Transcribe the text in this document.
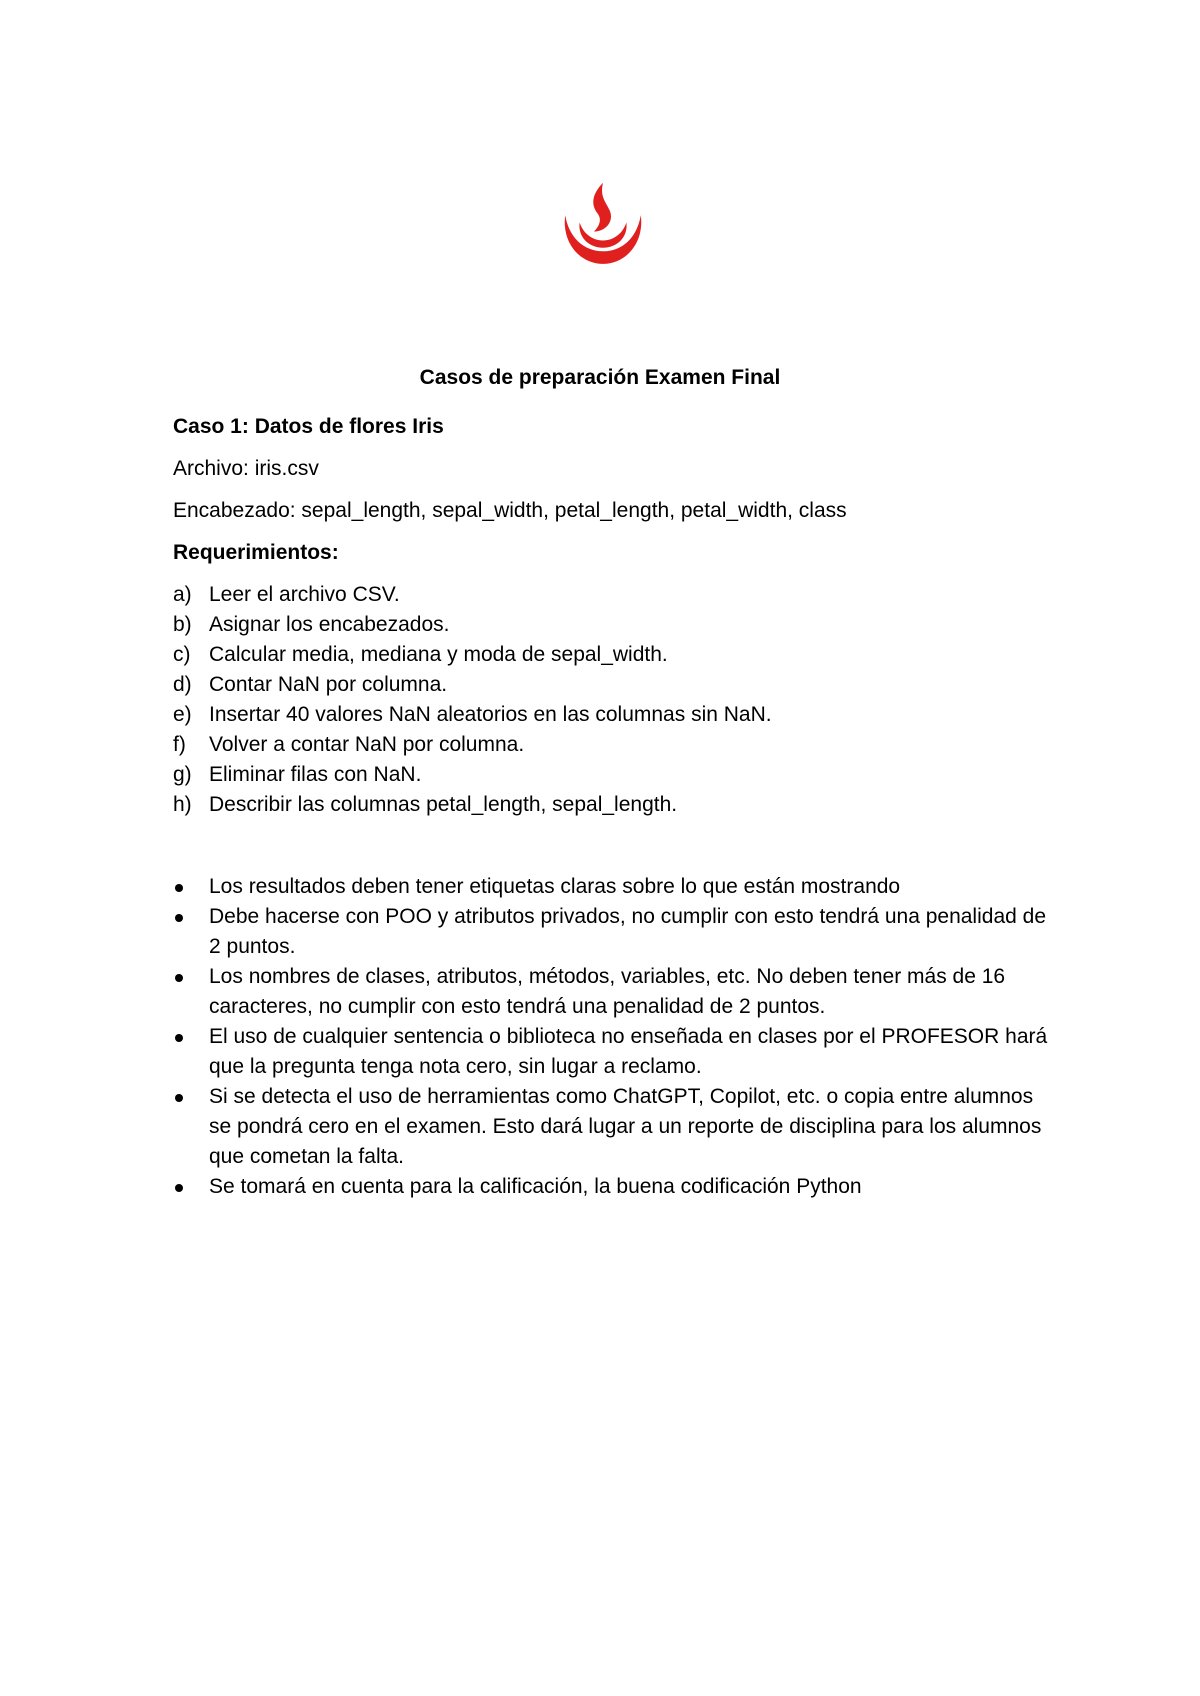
Casos de preparación Examen Final
Caso 1: Datos de flores Iris
Archivo: iris.csv
Encabezado: sepal_length, sepal_width, petal_length, petal_width, class
Requerimientos:
a) Leer el archivo CSV.
b) Asignar los encabezados.
c) Calcular media, mediana y moda de sepal_width.
d) Contar NaN por columna.
e) Insertar 40 valores NaN aleatorios en las columnas sin NaN.
f) Volver a contar NaN por columna.
g) Eliminar filas con NaN.
h) Describir las columnas petal_length, sepal_length.
Los resultados deben tener etiquetas claras sobre lo que están mostrando
Debe hacerse con POO y atributos privados, no cumplir con esto tendrá una penalidad de 2 puntos.
Los nombres de clases, atributos, métodos, variables, etc. No deben tener más de 16 caracteres, no cumplir con esto tendrá una penalidad de 2 puntos.
El uso de cualquier sentencia o biblioteca no enseñada en clases por el PROFESOR hará que la pregunta tenga nota cero, sin lugar a reclamo.
Si se detecta el uso de herramientas como ChatGPT, Copilot, etc. o copia entre alumnos se pondrá cero en el examen. Esto dará lugar a un reporte de disciplina para los alumnos que cometan la falta.
Se tomará en cuenta para la calificación, la buena codificación Python
